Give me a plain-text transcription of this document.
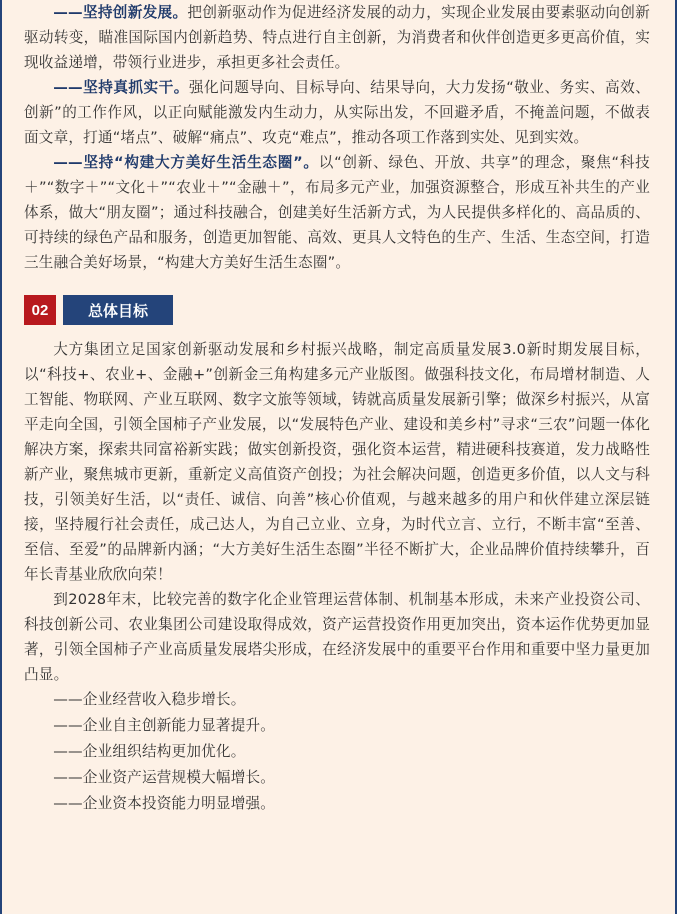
——坚持创新发展。把创新驱动作为促进经济发展的动力，实现企业发展由要素驱动向创新驱动转变，瞄准国际国内创新趋势、特点进行自主创新，为消费者和伙伴创造更多更高价值，实现收益递增，带领行业进步，承担更多社会责任。

——坚持真抓实干。强化问题导向、目标导向、结果导向，大力发扬“敬业、务实、高效、创新”的工作作风，以正向赋能激发内生动力，从实际出发，不回避矛盾，不掩盖问题，不做表面文章，打通“堵点”、破解“痛点”、攻克“难点”，推动各项工作落到实处、见到实效。

——坚持“构建大方美好生活生态圈”。以“创新、绿色、开放、共享”的理念，聚焦“科技＋”“数字＋”“文化＋”“农业＋”“金融＋”，布局多元产业，加强资源整合，形成互补共生的产业体系，做大“朋友圈”；通过科技融合，创建美好生活新方式，为人民提供多样化的、高品质的、可持续的绿色产品和服务，创造更加智能、高效、更具人文特色的生产、生活、生态空间，打造三生融合美好场景，“构建大方美好生活生态圈”。

02	总体目标

大方集团立足国家创新驱动发展和乡村振兴战略，制定高质量发展3.0新时期发展目标，以“科技+、农业+、金融+”创新金三角构建多元产业版图。做强科技文化，布局增材制造、人工智能、物联网、产业互联网、数字文旅等领域，铸就高质量发展新引擎；做深乡村振兴，从富平走向全国，引领全国柿子产业发展，以“发展特色产业、建设和美乡村”寻求“三农”问题一体化解决方案，探索共同富裕新实践；做实创新投资，强化资本运营，精进硬科技赛道，发力战略性新产业，聚焦城市更新，重新定义高值资产创投；为社会解决问题，创造更多价值，以人文与科技，引领美好生活，以“责任、诚信、向善”核心价值观，与越来越多的用户和伙伴建立深层链接，坚持履行社会责任，成己达人，为自己立业、立身，为时代立言、立行，不断丰富“至善、至信、至爱”的品牌新内涵；“大方美好生活生态圈”半径不断扩大，企业品牌价值持续攀升，百年长青基业欣欣向荣！

到2028年末，比较完善的数字化企业管理运营体制、机制基本形成，未来产业投资公司、科技创新公司、农业集团公司建设取得成效，资产运营投资作用更加突出，资本运作优势更加显著，引领全国柿子产业高质量发展塔尖形成，在经济发展中的重要平台作用和重要中坚力量更加凸显。

——企业经营收入稳步增长。

——企业自主创新能力显著提升。

——企业组织结构更加优化。

——企业资产运营规模大幅增长。

——企业资本投资能力明显增强。
